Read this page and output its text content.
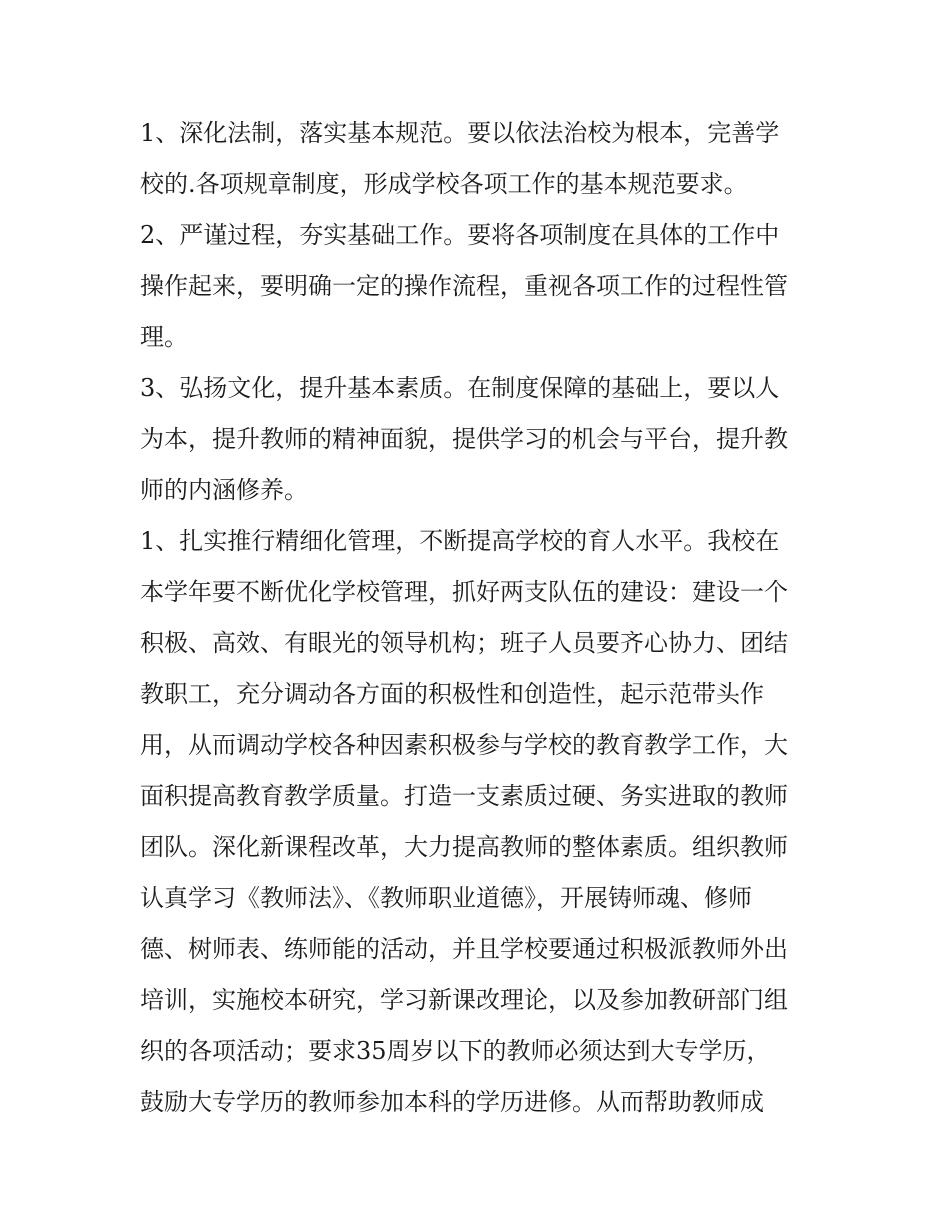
1、深化法制，落实基本规范。要以依法治校为根本，完善学
校的.各项规章制度，形成学校各项工作的基本规范要求。
2、严谨过程，夯实基础工作。要将各项制度在具体的工作中
操作起来，要明确一定的操作流程，重视各项工作的过程性管
理。
3、弘扬文化，提升基本素质。在制度保障的基础上，要以人
为本，提升教师的精神面貌，提供学习的机会与平台，提升教
师的内涵修养。
1、扎实推行精细化管理，不断提高学校的育人水平。我校在
本学年要不断优化学校管理，抓好两支队伍的建设：建设一个
积极、高效、有眼光的领导机构；班子人员要齐心协力、团结
教职工，充分调动各方面的积极性和创造性，起示范带头作
用，从而调动学校各种因素积极参与学校的教育教学工作，大
面积提高教育教学质量。打造一支素质过硬、务实进取的教师
团队。深化新课程改革，大力提高教师的整体素质。组织教师
认真学习《教师法》、《教师职业道德》，开展铸师魂、修师
德、树师表、练师能的活动，并且学校要通过积极派教师外出
培训，实施校本研究，学习新课改理论，以及参加教研部门组
织的各项活动；要求35周岁以下的教师必须达到大专学历，
鼓励大专学历的教师参加本科的学历进修。从而帮助教师成
